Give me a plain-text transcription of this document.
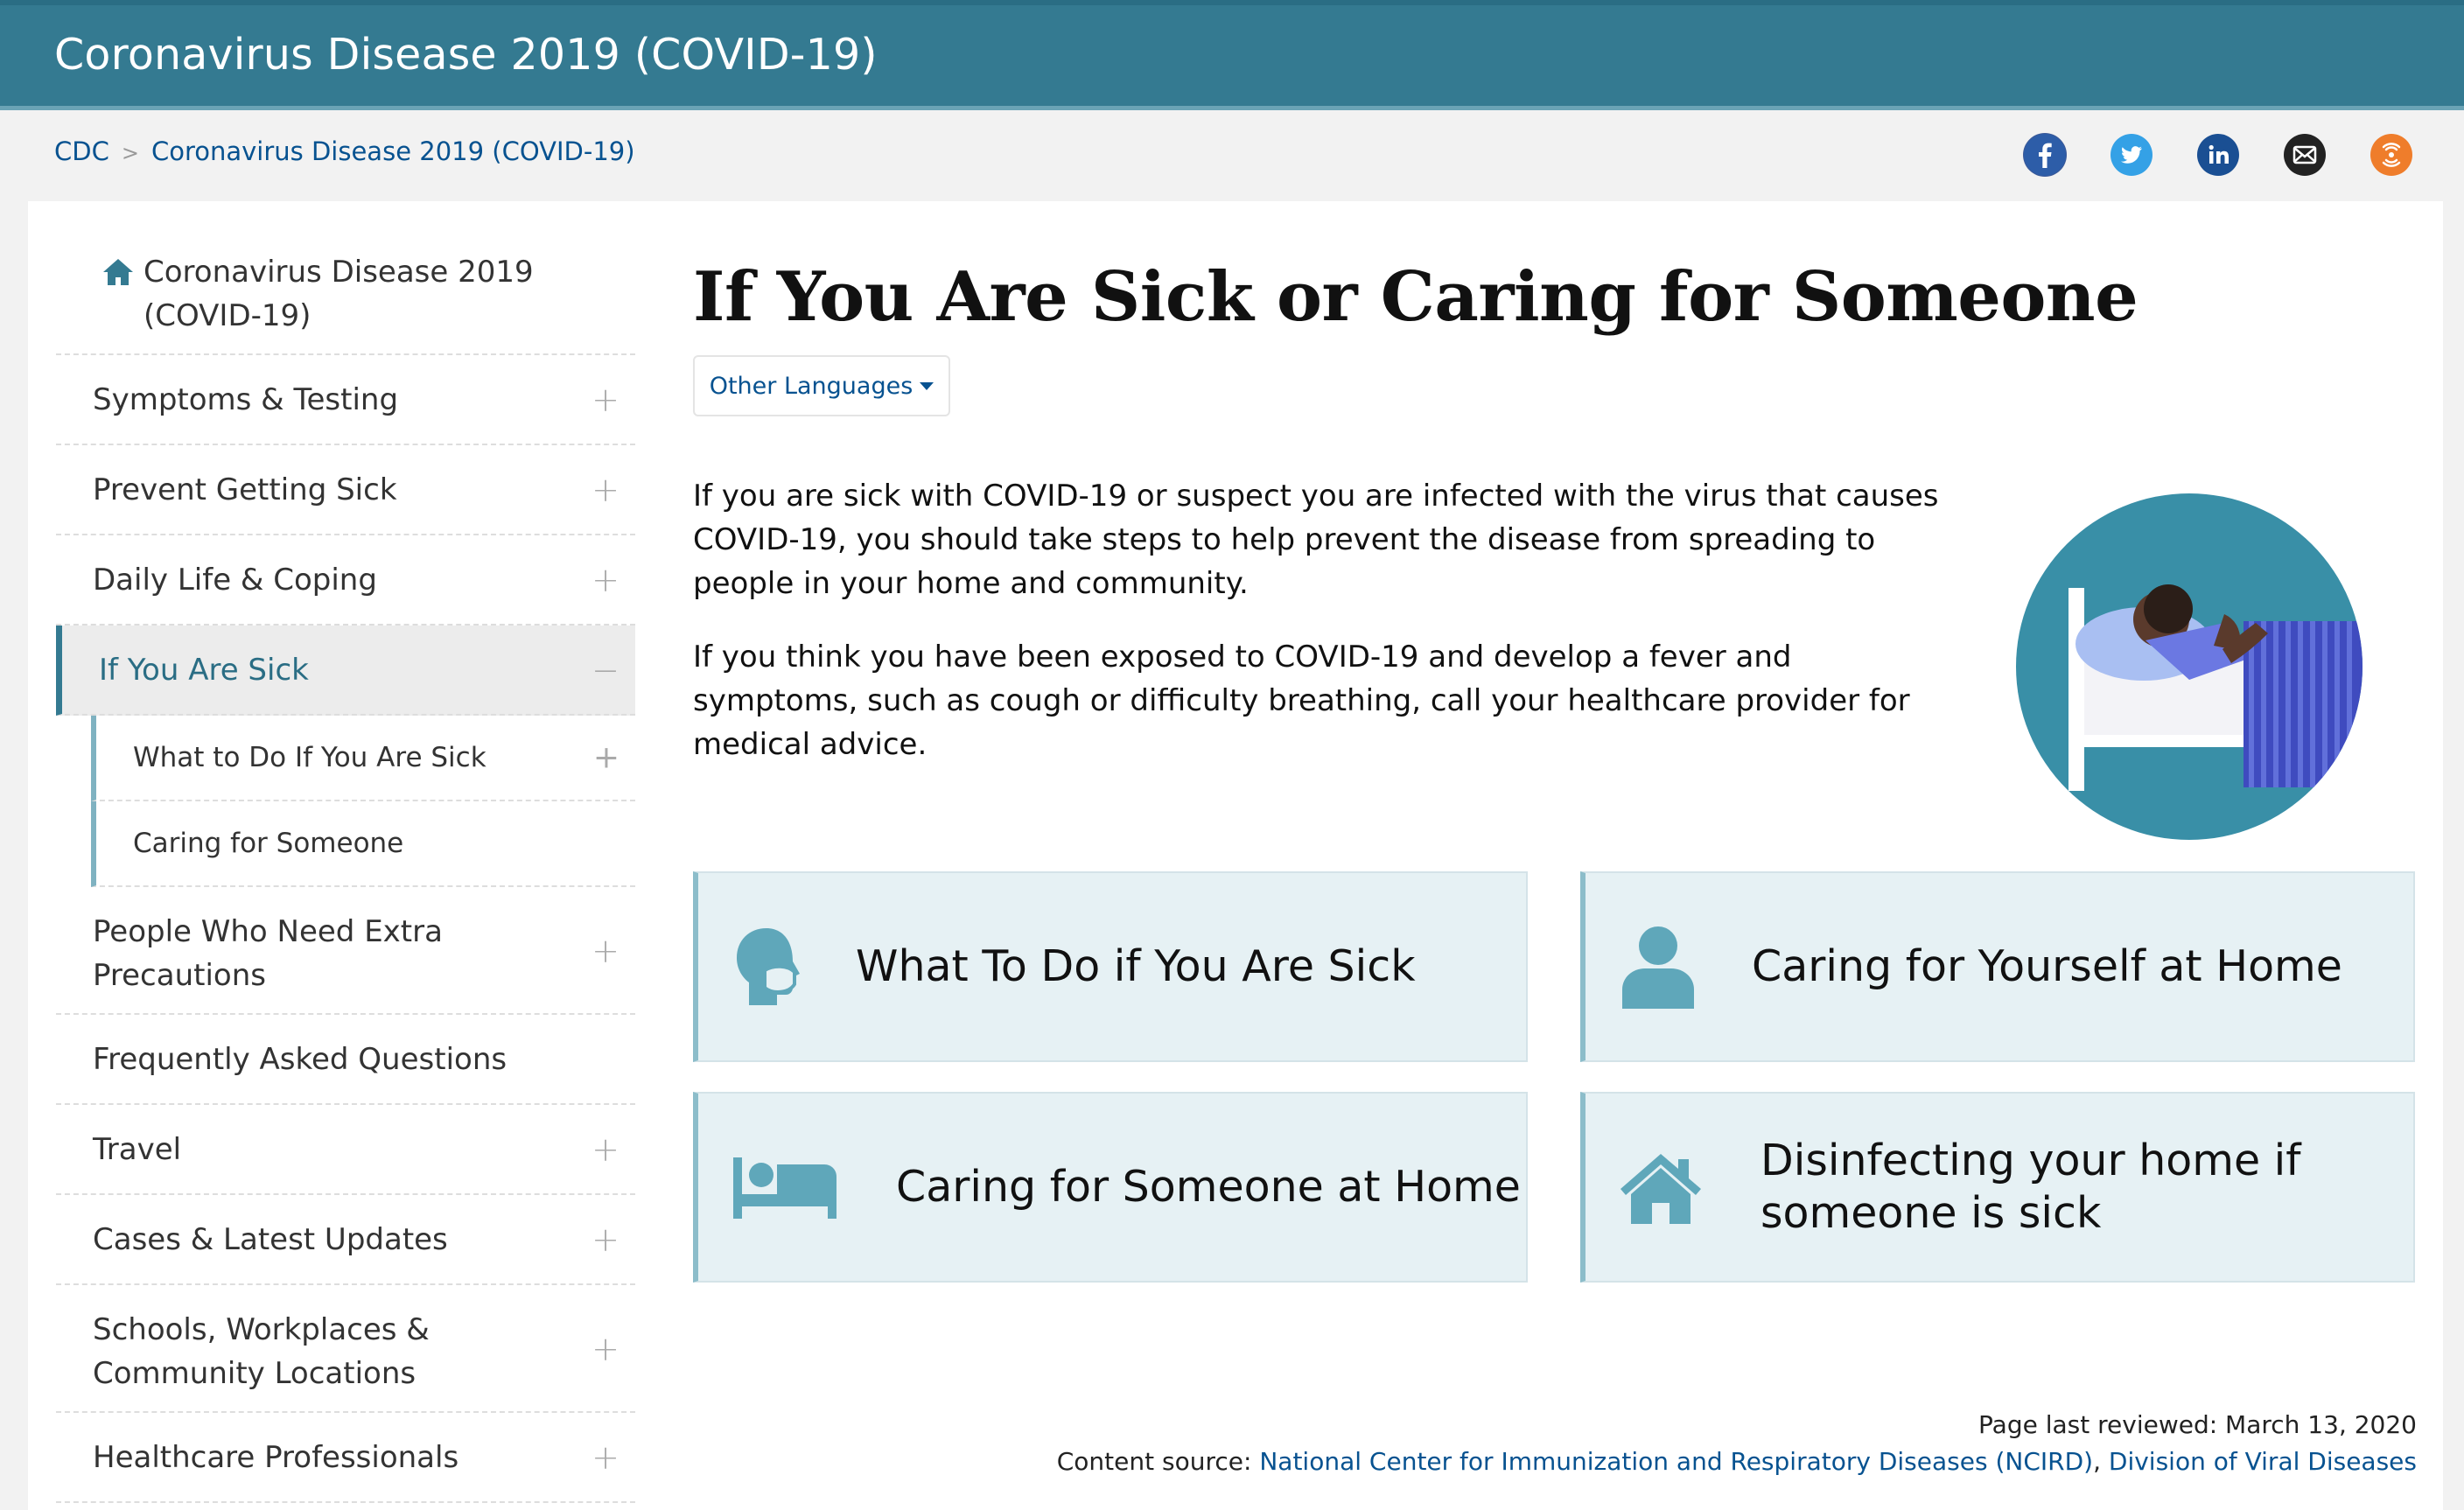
Coronavirus Disease 2019 (COVID-19)
CDC > Coronavirus Disease 2019 (COVID-19)
Coronavirus Disease 2019 (COVID-19)
Symptoms & Testing	+
Prevent Getting Sick	+
Daily Life & Coping	+
If You Are Sick	−
What to Do If You Are Sick	+
Caring for Someone
People Who Need Extra Precautions
+
Frequently Asked Questions
Travel	+
Cases & Latest Updates	+
Schools, Workplaces & Community Locations
+
Healthcare Professionals	+
If You Are Sick or Caring for Someone
Other Languages

If you are sick with COVID-19 or suspect you are infected with the virus that causes COVID-19, you should take steps to help prevent the disease from spreading to people in your home and community.

If you think you have been exposed to COVID-19 and develop a fever and symptoms, such as cough or difficulty breathing, call your healthcare provider for medical advice.

What To Do if You Are Sick	Caring for Yourself at Home
Caring for Someone at Home
Disinfecting your home if someone is sick
Page last reviewed: March 13, 2020
Content source: National Center for Immunization and Respiratory Diseases (NCIRD), Division of Viral Diseases
